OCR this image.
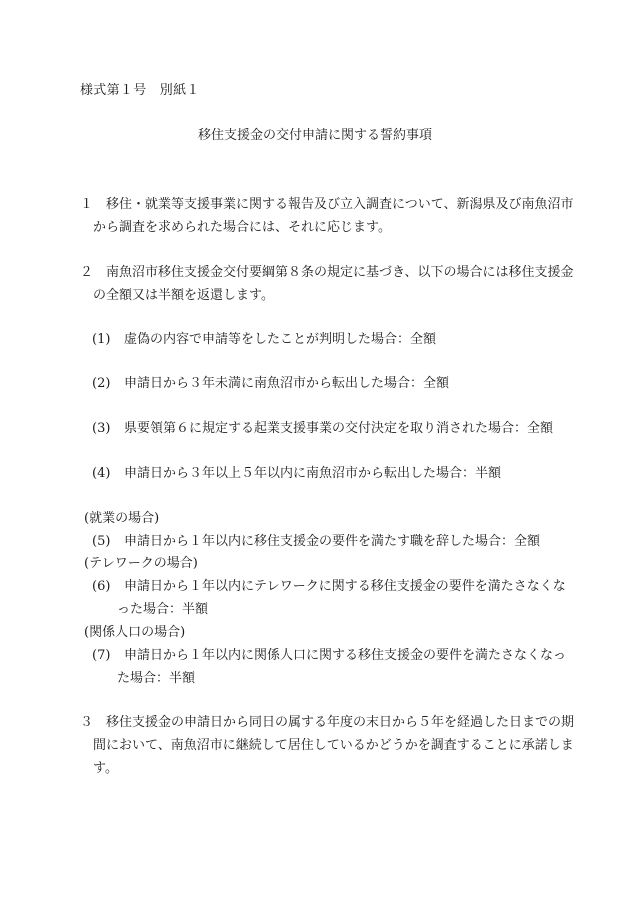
様式第１号　別紙１
移住支援金の交付申請に関する誓約事項
１ 移住・就業等支援事業に関する報告及び立入調査について、新潟県及び南魚沼市
から調査を求められた場合には、それに応じます。
２ 南魚沼市移住支援金交付要綱第８条の規定に基づき、以下の場合には移住支援金
の全額又は半額を返還します。
(1) 虚偽の内容で申請等をしたことが判明した場合：全額
(2) 申請日から３年未満に南魚沼市から転出した場合：全額
(3) 県要領第６に規定する起業支援事業の交付決定を取り消された場合：全額
(4) 申請日から３年以上５年以内に南魚沼市から転出した場合：半額
(就業の場合)
(5) 申請日から１年以内に移住支援金の要件を満たす職を辞した場合：全額
(テレワークの場合)
(6) 申請日から１年以内にテレワークに関する移住支援金の要件を満たさなくな
った場合：半額
(関係人口の場合)
(7) 申請日から１年以内に関係人口に関する移住支援金の要件を満たさなくなっ
た場合：半額
３ 移住支援金の申請日から同日の属する年度の末日から５年を経過した日までの期
間において、南魚沼市に継続して居住しているかどうかを調査することに承諾しま
す。
